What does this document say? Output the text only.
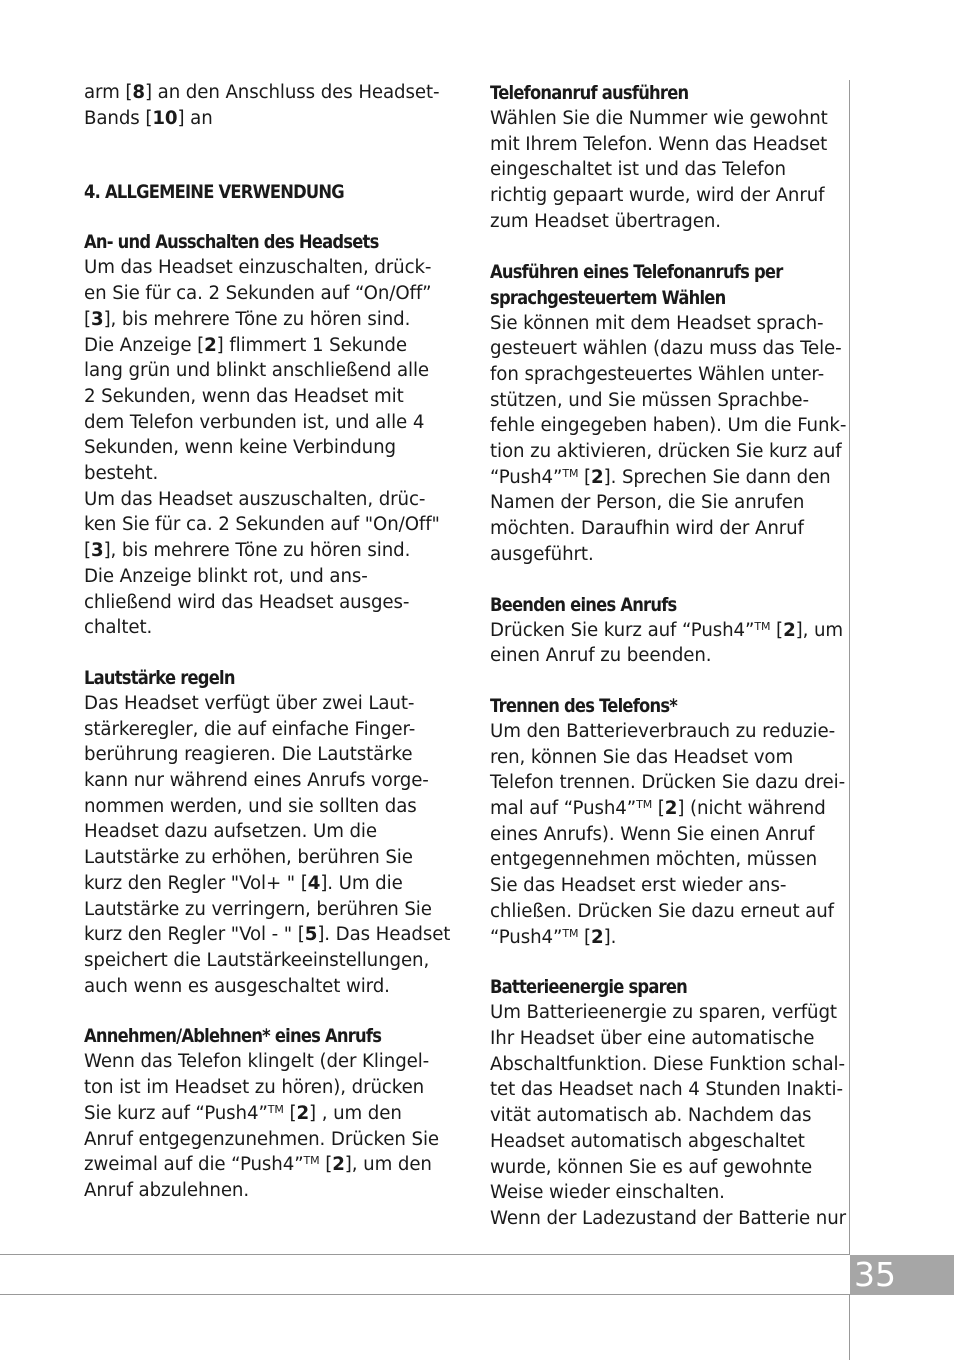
35

arm [8] an den Anschluss des Headset-

Bands [10] an

4. ALLGEMEINE VERWENDUNG
An- und Ausschalten des Headsets

Um das Headset einzuschalten, drück-

en Sie für ca. 2 Sekunden auf “On/Off”

[3], bis mehrere Töne zu hören sind.

Die Anzeige [2] flimmert 1 Sekunde

lang grün und blinkt anschließend alle

2 Sekunden, wenn das Headset mit

dem Telefon verbunden ist, und alle 4

Sekunden, wenn keine Verbindung

besteht.

Um das Headset auszuschalten, drüc-

ken Sie für ca. 2 Sekunden auf "On/Off"

[3], bis mehrere Töne zu hören sind.

Die Anzeige blinkt rot, und ans-

chließend wird das Headset ausges-

chaltet.

Lautstärke regeln

Das Headset verfügt über zwei Laut-

stärkeregler, die auf einfache Finger-

berührung reagieren. Die Lautstärke

kann nur während eines Anrufs vorge-

nommen werden, und sie sollten das

Headset dazu aufsetzen. Um die

Lautstärke zu erhöhen, berühren Sie

kurz den Regler "Vol+ " [4]. Um die

Lautstärke zu verringern, berühren Sie

kurz den Regler "Vol - " [5]. Das Headset

speichert die Lautstärkeeinstellungen,

auch wenn es ausgeschaltet wird.

Annehmen/Ablehnen* eines Anrufs

Wenn das Telefon klingelt (der Klingel-

ton ist im Headset zu hören), drücken

Sie kurz auf “Push4”™ [2] , um den

Anruf entgegenzunehmen. Drücken Sie

zweimal auf die “Push4”™ [2], um den

Anruf abzulehnen.

Telefonanruf ausführen

Wählen Sie die Nummer wie gewohnt

mit Ihrem Telefon. Wenn das Headset

eingeschaltet ist und das Telefon

richtig gepaart wurde, wird der Anruf

zum Headset übertragen.

Ausführen eines Telefonanrufs per
sprachgesteuertem Wählen

Sie können mit dem Headset sprach-

gesteuert wählen (dazu muss das Tele-

fon sprachgesteuertes Wählen unter-

stützen, und Sie müssen Sprachbe-

fehle eingegeben haben). Um die Funk-

tion zu aktivieren, drücken Sie kurz auf

“Push4”™ [2]. Sprechen Sie dann den

Namen der Person, die Sie anrufen

möchten. Daraufhin wird der Anruf

ausgeführt.

Beenden eines Anrufs

Drücken Sie kurz auf “Push4”™ [2], um

einen Anruf zu beenden.

Trennen des Telefons*

Um den Batterieverbrauch zu reduzie-

ren, können Sie das Headset vom

Telefon trennen. Drücken Sie dazu drei-

mal auf “Push4”™ [2] (nicht während

eines Anrufs). Wenn Sie einen Anruf

entgegennehmen möchten, müssen

Sie das Headset erst wieder ans-

chließen. Drücken Sie dazu erneut auf

“Push4”™ [2].

Batterieenergie sparen

Um Batterieenergie zu sparen, verfügt

Ihr Headset über eine automatische

Abschaltfunktion. Diese Funktion schal-

tet das Headset nach 4 Stunden Inakti-

vität automatisch ab. Nachdem das

Headset automatisch abgeschaltet

wurde, können Sie es auf gewohnte

Weise wieder einschalten.

Wenn der Ladezustand der Batterie nur
